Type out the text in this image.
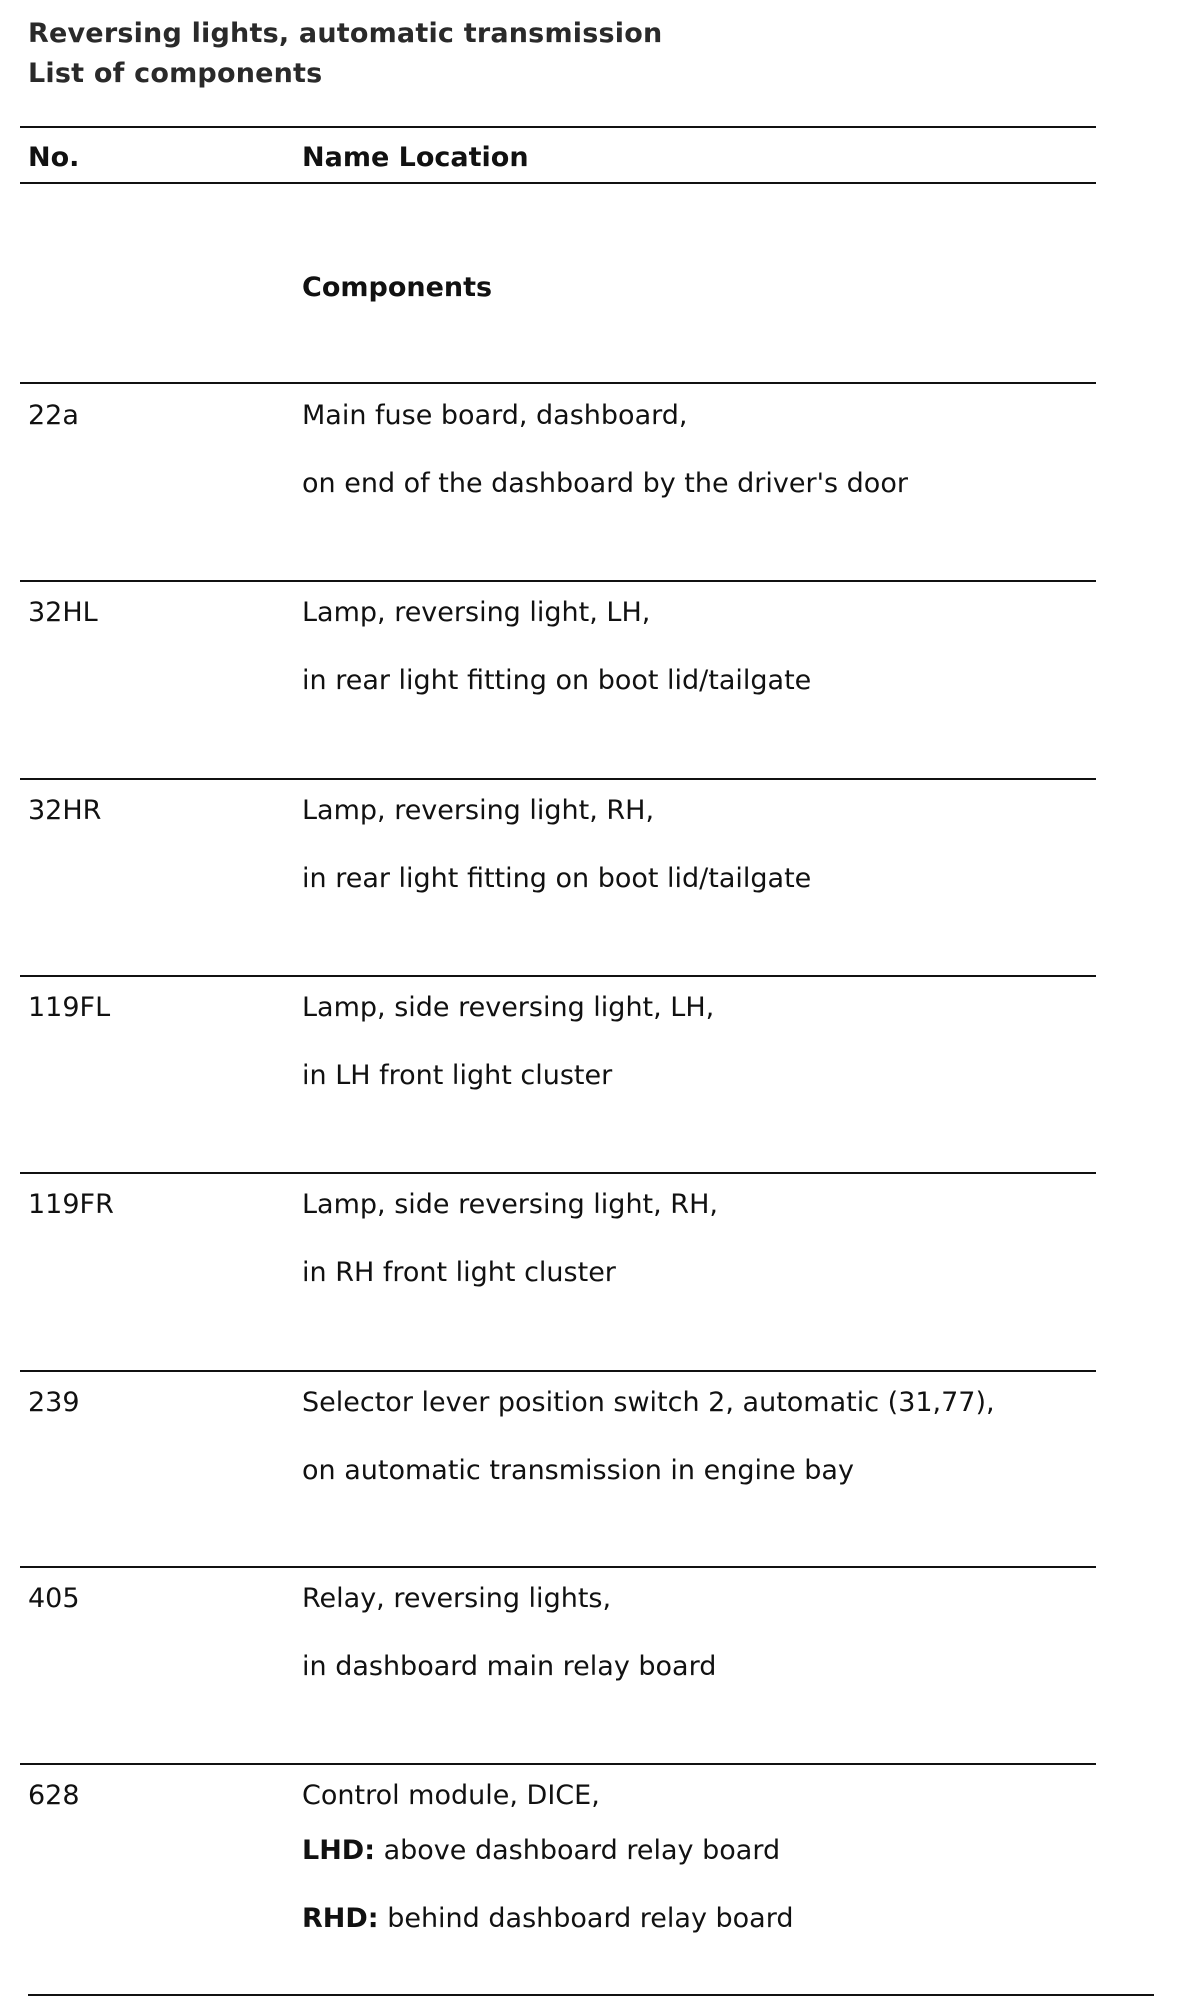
Reversing lights, automatic transmission
List of components
No.	Name Location
Components
22a	Main fuse board, dashboard,
on end of the dashboard by the driver's door
32HL	Lamp, reversing light, LH,
in rear light fitting on boot lid/tailgate
32HR	Lamp, reversing light, RH,
in rear light fitting on boot lid/tailgate
119FL	Lamp, side reversing light, LH,
in LH front light cluster
119FR	Lamp, side reversing light, RH,
in RH front light cluster
239	Selector lever position switch 2, automatic (31,77),
on automatic transmission in engine bay
405	Relay, reversing lights,
in dashboard main relay board
628	Control module, DICE,
LHD: above dashboard relay board
RHD: behind dashboard relay board
